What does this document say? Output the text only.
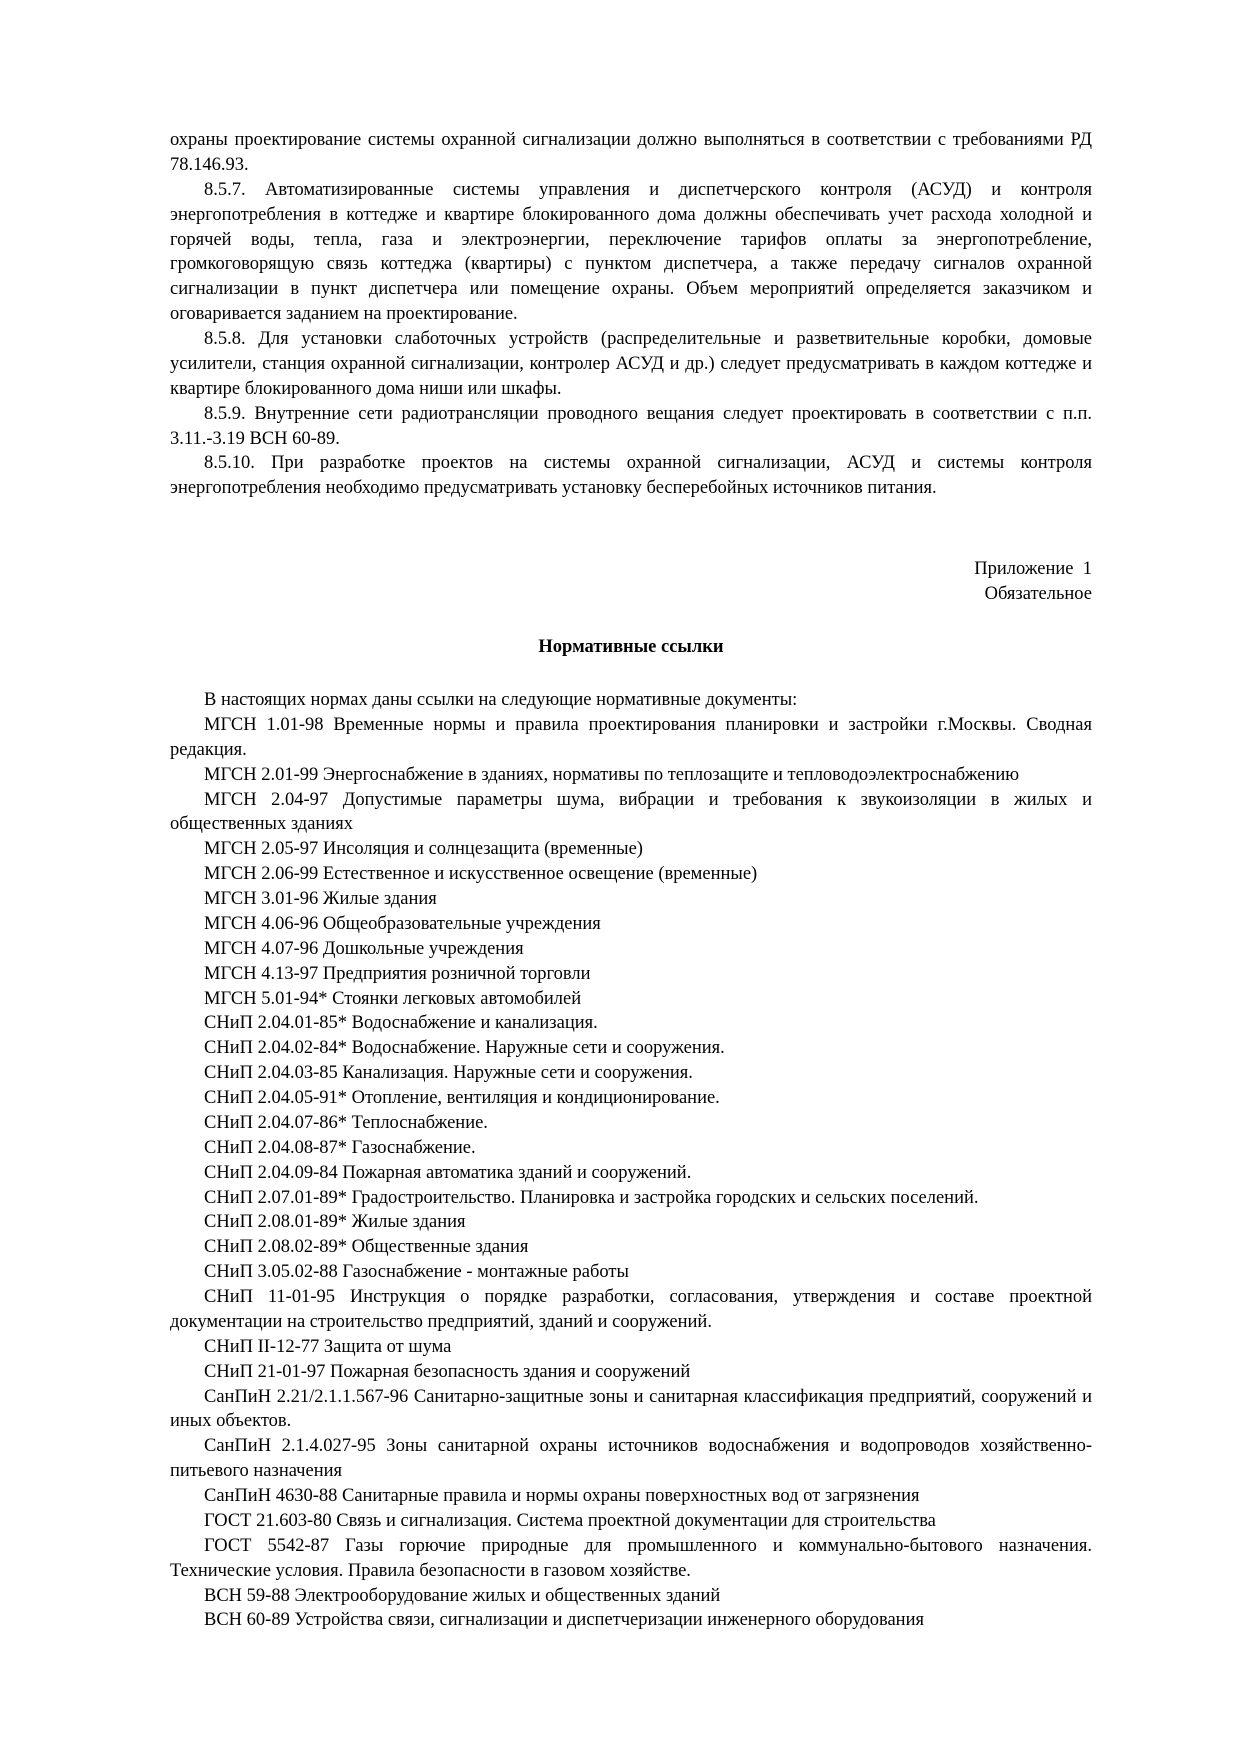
охраны проектирование системы охранной сигнализации должно выполняться в соответствии с требованиями РД 78.146.93.

8.5.7. Автоматизированные системы управления и диспетчерского контроля (АСУД) и контроля энергопотребления в коттедже и квартире блокированного дома должны обеспечивать учет расхода холодной и горячей воды, тепла, газа и электроэнергии, переключение тарифов оплаты за энергопотребление, громкоговорящую связь коттеджа (квартиры) с пунктом диспетчера, а также передачу сигналов охранной сигнализации в пункт диспетчера или помещение охраны. Объем мероприятий определяется заказчиком и оговаривается заданием на проектирование.

8.5.8. Для установки слаботочных устройств (распределительные и разветвительные коробки, домовые усилители, станция охранной сигнализации, контролер АСУД и др.) следует предусматривать в каждом коттедже и квартире блокированного дома ниши или шкафы.

8.5.9. Внутренние сети радиотрансляции проводного вещания следует проектировать в соответствии с п.п. 3.11.-3.19 ВСН 60-89.

8.5.10. При разработке проектов на системы охранной сигнализации, АСУД и системы контроля энергопотребления необходимо предусматривать установку бесперебойных источников питания.

Приложение  1
Обязательное
Нормативные ссылки

В настоящих нормах даны ссылки на следующие нормативные документы:

МГСН 1.01-98 Временные нормы и правила проектирования планировки и застройки г.Москвы. Сводная редакция.

МГСН 2.01-99 Энергоснабжение в зданиях, нормативы по теплозащите и тепловодоэлектроснабжению

МГСН 2.04-97 Допустимые параметры шума, вибрации и требования к звукоизоляции в жилых и общественных зданиях

МГСН 2.05-97 Инсоляция и солнцезащита (временные)

МГСН 2.06-99 Естественное и искусственное освещение (временные)

МГСН 3.01-96 Жилые здания

МГСН 4.06-96 Общеобразовательные учреждения

МГСН 4.07-96 Дошкольные учреждения

МГСН 4.13-97 Предприятия розничной торговли

МГСН 5.01-94* Стоянки легковых автомобилей

СНиП 2.04.01-85* Водоснабжение и канализация.

СНиП 2.04.02-84* Водоснабжение. Наружные сети и сооружения.

СНиП 2.04.03-85 Канализация. Наружные сети и сооружения.

СНиП 2.04.05-91* Отопление, вентиляция и кондиционирование.

СНиП 2.04.07-86* Теплоснабжение.

СНиП 2.04.08-87* Газоснабжение.

СНиП 2.04.09-84 Пожарная автоматика зданий и сооружений.

СНиП 2.07.01-89* Градостроительство. Планировка и застройка городских и сельских поселений.

СНиП 2.08.01-89* Жилые здания

СНиП 2.08.02-89* Общественные здания

СНиП 3.05.02-88 Газоснабжение - монтажные работы

СНиП 11-01-95 Инструкция о порядке разработки, согласования, утверждения и составе проектной документации на строительство предприятий, зданий и сооружений.

СНиП II-12-77 Защита от шума

СНиП 21-01-97 Пожарная безопасность здания и сооружений

СанПиН 2.21/2.1.1.567-96 Санитарно-защитные зоны и санитарная классификация предприятий, сооружений и иных объектов.

СанПиН 2.1.4.027-95 Зоны санитарной охраны источников водоснабжения и водопроводов хозяйственно-питьевого назначения

СанПиН 4630-88 Санитарные правила и нормы охраны поверхностных вод от загрязнения

ГОСТ 21.603-80 Связь и сигнализация. Система проектной документации для строительства

ГОСТ 5542-87 Газы горючие природные для промышленного и коммунально-бытового назначения. Технические условия. Правила безопасности в газовом хозяйстве.

ВСН 59-88 Электрооборудование жилых и общественных зданий

ВСН 60-89 Устройства связи, сигнализации и диспетчеризации инженерного оборудования
